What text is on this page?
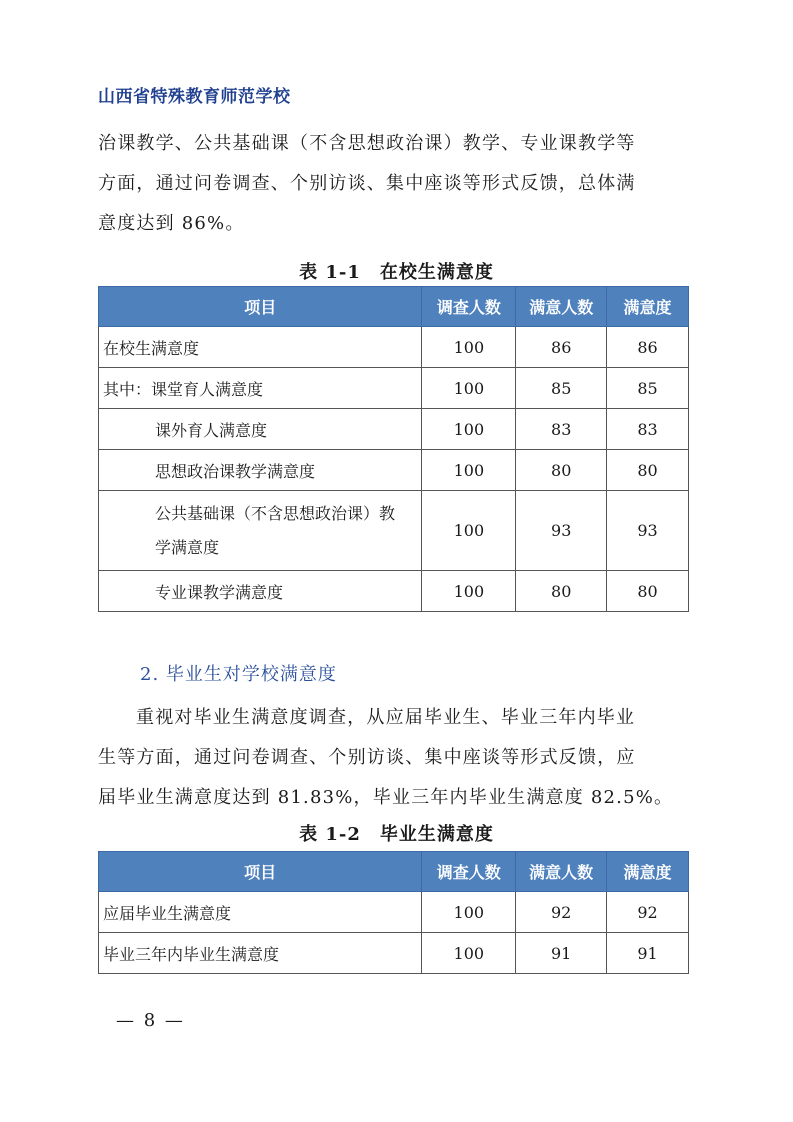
山西省特殊教育师范学校
治课教学、公共基础课（不含思想政治课）教学、专业课教学等
方面，通过问卷调查、个别访谈、集中座谈等形式反馈，总体满
意度达到 86%。
表 1-1　在校生满意度
项目	调查人数	满意人数	满意度
在校生满意度	100	86	86
其中：课堂育人满意度	100	85	85
课外育人满意度	100	83	83
思想政治课教学满意度	100	80	80
公共基础课（不含思想政治课）教
学满意度	100	93	93
专业课教学满意度	100	80	80
2. 毕业生对学校满意度
重视对毕业生满意度调查，从应届毕业生、毕业三年内毕业
生等方面，通过问卷调查、个别访谈、集中座谈等形式反馈，应
届毕业生满意度达到 81.83%，毕业三年内毕业生满意度 82.5%。
表 1-2　毕业生满意度
项目	调查人数	满意人数	满意度
应届毕业生满意度	100	92	92
毕业三年内毕业生满意度	100	91	91
— 8 —
